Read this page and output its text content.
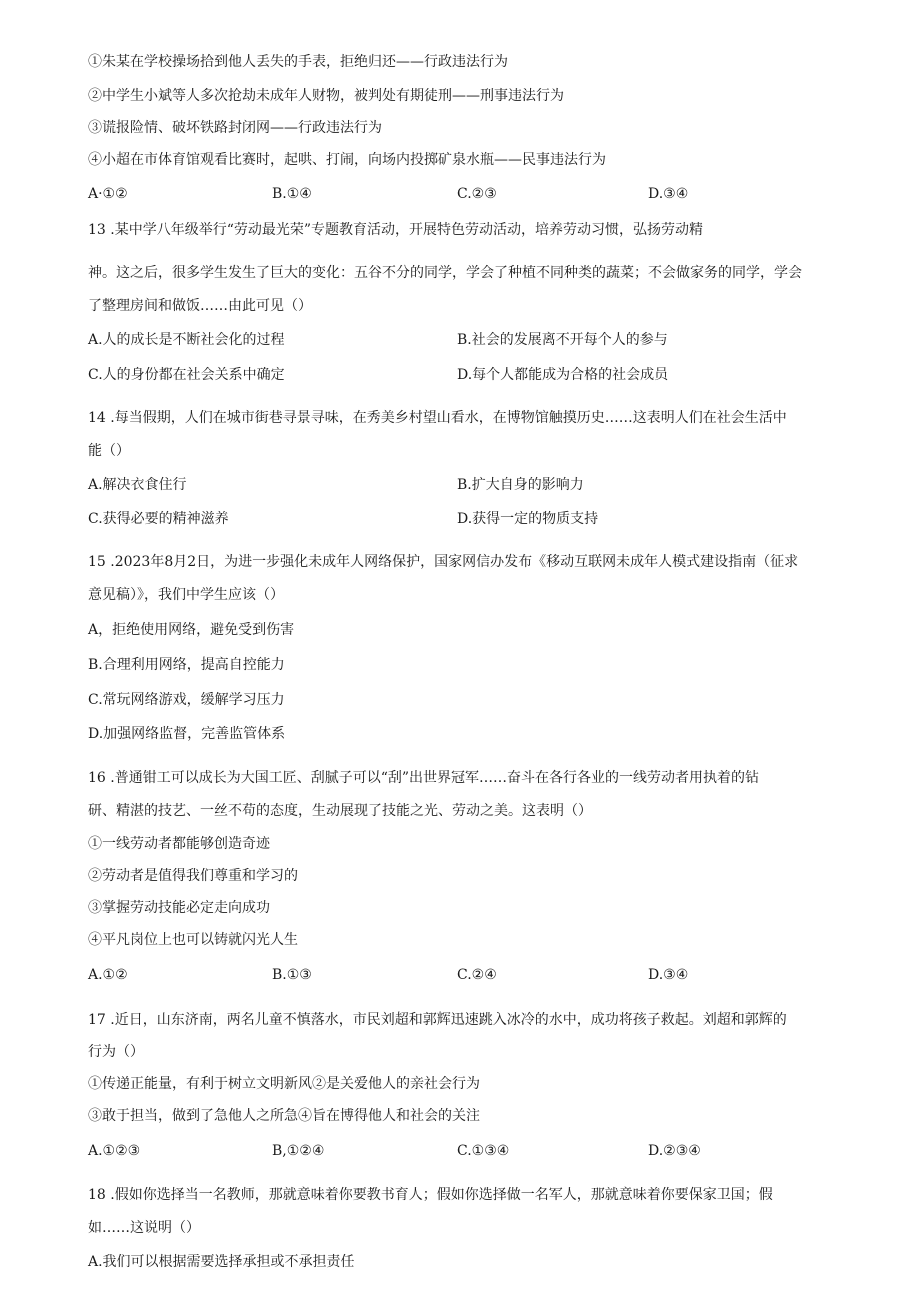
①朱某在学校操场拾到他人丢失的手表，拒绝归还——行政违法行为
②中学生小斌等人多次抢劫未成年人财物，被判处有期徒刑——刑事违法行为
③谎报险情、破坏铁路封闭网——行政违法行为
④小超在市体育馆观看比赛时，起哄、打闹，向场内投掷矿泉水瓶——民事违法行为
A·①②	B.①④	C.②③	D.③④
13 .某中学八年级举行“劳动最光荣”专题教育活动，开展特色劳动活动，培养劳动习惯，弘扬劳动精
神。这之后，很多学生发生了巨大的变化：五谷不分的同学，学会了种植不同种类的蔬菜；不会做家务的同学，学会
了整理房间和做饭……由此可见（）
A.人的成长是不断社会化的过程	B.社会的发展离不开每个人的参与
C.人的身份都在社会关系中确定	D.每个人都能成为合格的社会成员
14 .每当假期，人们在城市街巷寻景寻味，在秀美乡村望山看水，在博物馆触摸历史……这表明人们在社会生活中
能（）
A.解决衣食住行	B.扩大自身的影响力
C.获得必要的精神滋养	D.获得一定的物质支持
15 .2023年8月2日，为进一步强化未成年人网络保护，国家网信办发布《移动互联网未成年人模式建设指南（征求
意见稿）》，我们中学生应该（）
A，拒绝使用网络，避免受到伤害
B.合理利用网络，提高自控能力
C.常玩网络游戏，缓解学习压力
D.加强网络监督，完善监管体系
16 .普通钳工可以成长为大国工匠、刮腻子可以“刮”出世界冠军……奋斗在各行各业的一线劳动者用执着的钻
研、精湛的技艺、一丝不苟的态度，生动展现了技能之光、劳动之美。这表明（）
①一线劳动者都能够创造奇迹
②劳动者是值得我们尊重和学习的
③掌握劳动技能必定走向成功
④平凡岗位上也可以铸就闪光人生
A.①②	B.①③	C.②④	D.③④
17 .近日，山东济南，两名儿童不慎落水，市民刘超和郭辉迅速跳入冰冷的水中，成功将孩子救起。刘超和郭辉的
行为（）
①传递正能量，有利于树立文明新风②是关爱他人的亲社会行为
③敢于担当，做到了急他人之所急④旨在博得他人和社会的关注
A.①②③	B,①②④	C.①③④	D.②③④
18 .假如你选择当一名教师，那就意味着你要教书育人；假如你选择做一名军人，那就意味着你要保家卫国；假
如……这说明（）
A.我们可以根据需要选择承担或不承担责任
